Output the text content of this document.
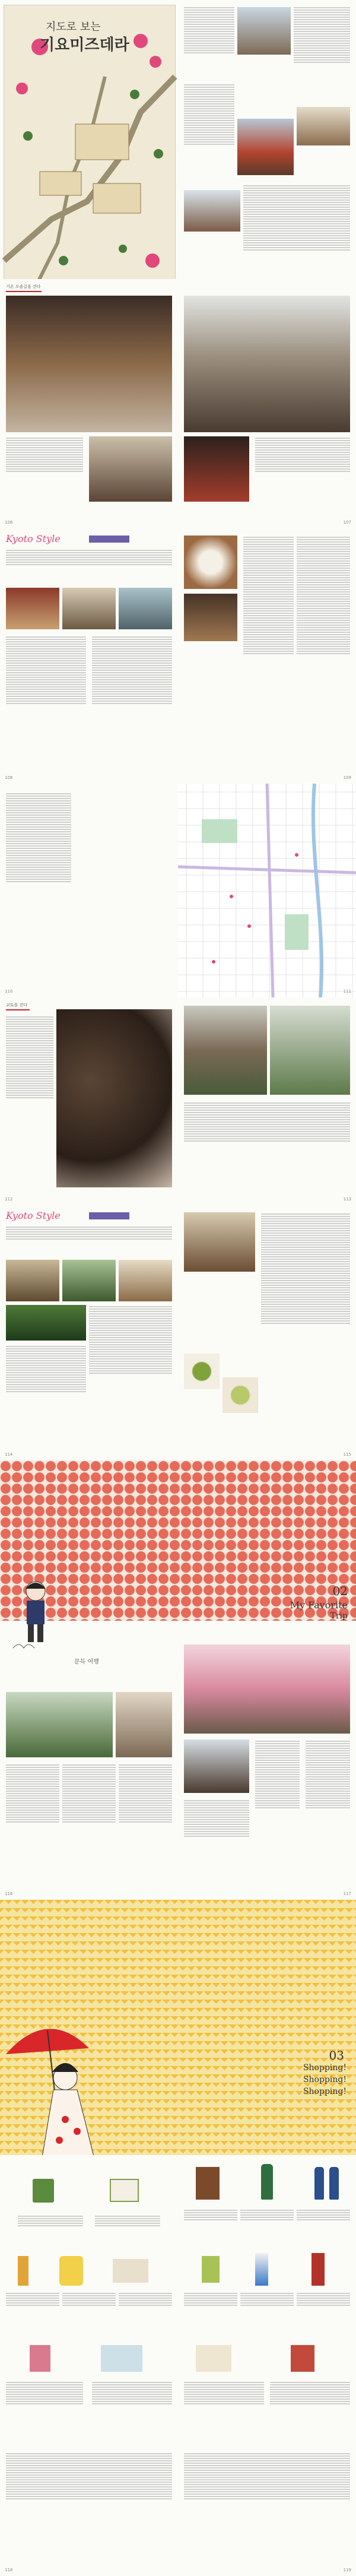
지도로 보는
기요미즈데라
기온 오솔길을 걷다
106	107
Kyoto Style
108	109
110	111
교토를 걷다
112	113
Kyoto Style
114	115
문득 여행
116
02
My Favorite
Trip
117
03
Shopping!
Shopping!
Shopping!
118	119
